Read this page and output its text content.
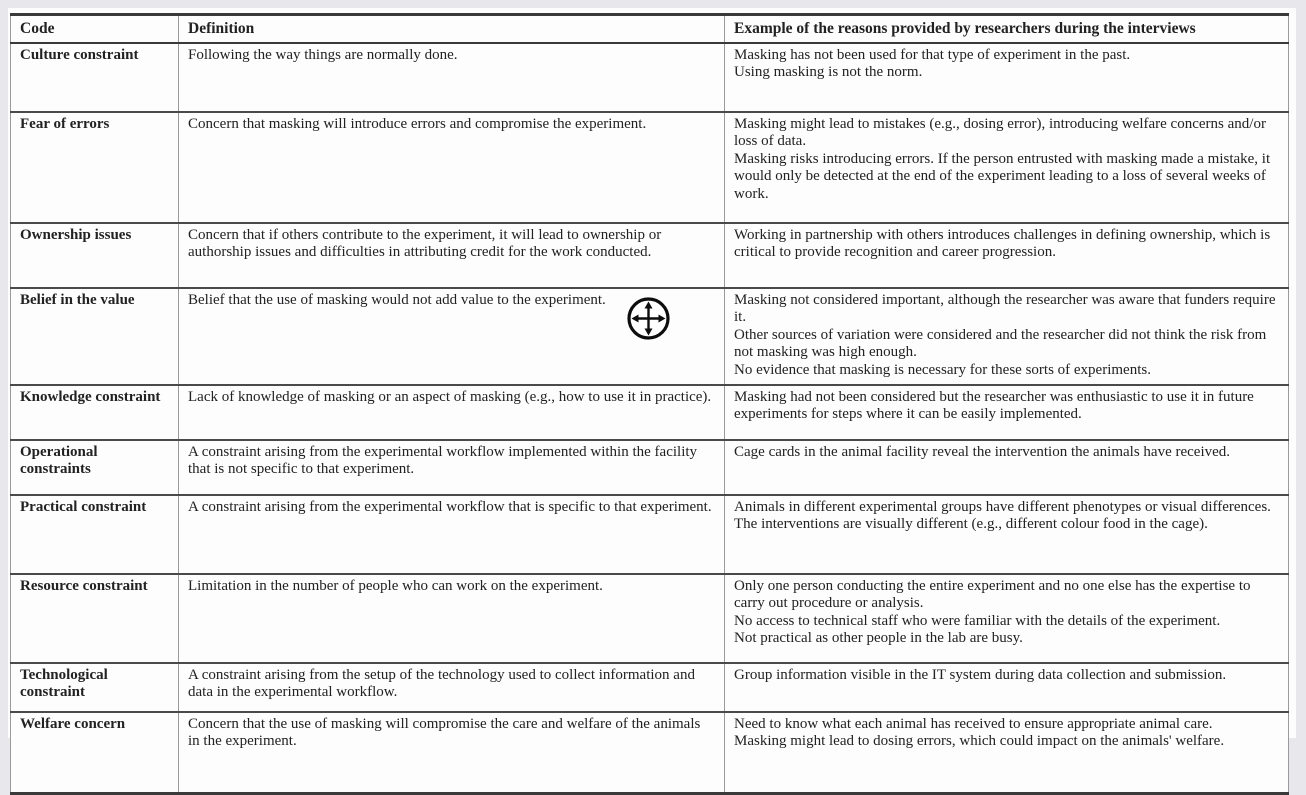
Code	Definition	Example of the reasons provided by researchers during the interviews
Culture constraint	Following the way things are normally done.	Masking has not been used for that type of experiment in the past.
Using masking is not the norm.

Fear of errors	Concern that masking will introduce errors and compromise the experiment.	Masking might lead to mistakes (e.g., dosing error), introducing welfare concerns and/or loss of data.
Masking risks introducing errors. If the person entrusted with masking made a mistake, it would only be detected at the end of the experiment leading to a loss of several weeks of work.

Ownership issues	Concern that if others contribute to the experiment, it will lead to ownership or authorship issues and difficulties in attributing credit for the work conducted.	Working in partnership with others introduces challenges in defining ownership, which is critical to provide recognition and career progression.

Belief in the value	Belief that the use of masking would not add value to the experiment.	Masking not considered important, although the researcher was aware that funders require it.
Other sources of variation were considered and the researcher did not think the risk from not masking was high enough.
No evidence that masking is necessary for these sorts of experiments.

Knowledge constraint	Lack of knowledge of masking or an aspect of masking (e.g., how to use it in practice).	Masking had not been considered but the researcher was enthusiastic to use it in future experiments for steps where it can be easily implemented.

Operational constraints	A constraint arising from the experimental workflow implemented within the facility that is not specific to that experiment.	Cage cards in the animal facility reveal the intervention the animals have received.

Practical constraint	A constraint arising from the experimental workflow that is specific to that experiment.	Animals in different experimental groups have different phenotypes or visual differences.
The interventions are visually different (e.g., different colour food in the cage).

Resource constraint	Limitation in the number of people who can work on the experiment.	Only one person conducting the entire experiment and no one else has the expertise to carry out procedure or analysis.
No access to technical staff who were familiar with the details of the experiment.
Not practical as other people in the lab are busy.

Technological constraint	A constraint arising from the setup of the technology used to collect information and data in the experimental workflow.	Group information visible in the IT system during data collection and submission.

Welfare concern	Concern that the use of masking will compromise the care and welfare of the animals in the experiment.	Need to know what each animal has received to ensure appropriate animal care.
Masking might lead to dosing errors, which could impact on the animals' welfare.
